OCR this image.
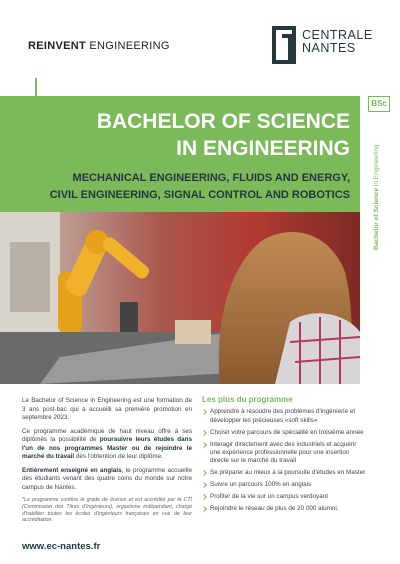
REINVENT ENGINEERING
CENTRALE
NANTES
BACHELOR OF SCIENCE
IN ENGINEERING
MECHANICAL ENGINEERING, FLUIDS AND ENERGY,
CIVIL ENGINEERING, SIGNAL CONTROL AND ROBOTICS
BSc
Bachelor of Science in Engineering

Le Bachelor of Science in Engineering est une formation de 3 ans post-bac qui a accueilli sa première promotion en septembre 2023.

Ce programme académique de haut niveau offre à ses diplômés la possibilité de poursuivre leurs études dans l'un de nos programmes Master ou de rejoindre le marché du travail dès l'obtention de leur diplôme.

Entièrement enseigné en anglais, le programme accueille des étudiants venant des quatre coins du monde sur notre campus de Nantes.

*Le programme confère le grade de licence et est accrédité par la CTI (Commission des Titres d'Ingénieurs), organisme indépendant, chargé d'habiliter toutes les écoles d'ingénieurs françaises en vue de leur accréditation.

Les plus du programme
Apprendre à résoudre des problèmes d'ingénierie et développer les précieuses «soft skills»
Choisir votre parcours de spécialité en troisième année
Interagir directement avec des industriels et acquérir une expérience professionnelle pour une insertion directe sur le marché du travail
Se préparer au mieux à la poursuite d'études en Master
Suivre un parcours 100% en anglais
Profiter de la vie sur un campus verdoyant
Rejoindre le réseau de plus de 20 000 alumni.
www.ec-nantes.fr
